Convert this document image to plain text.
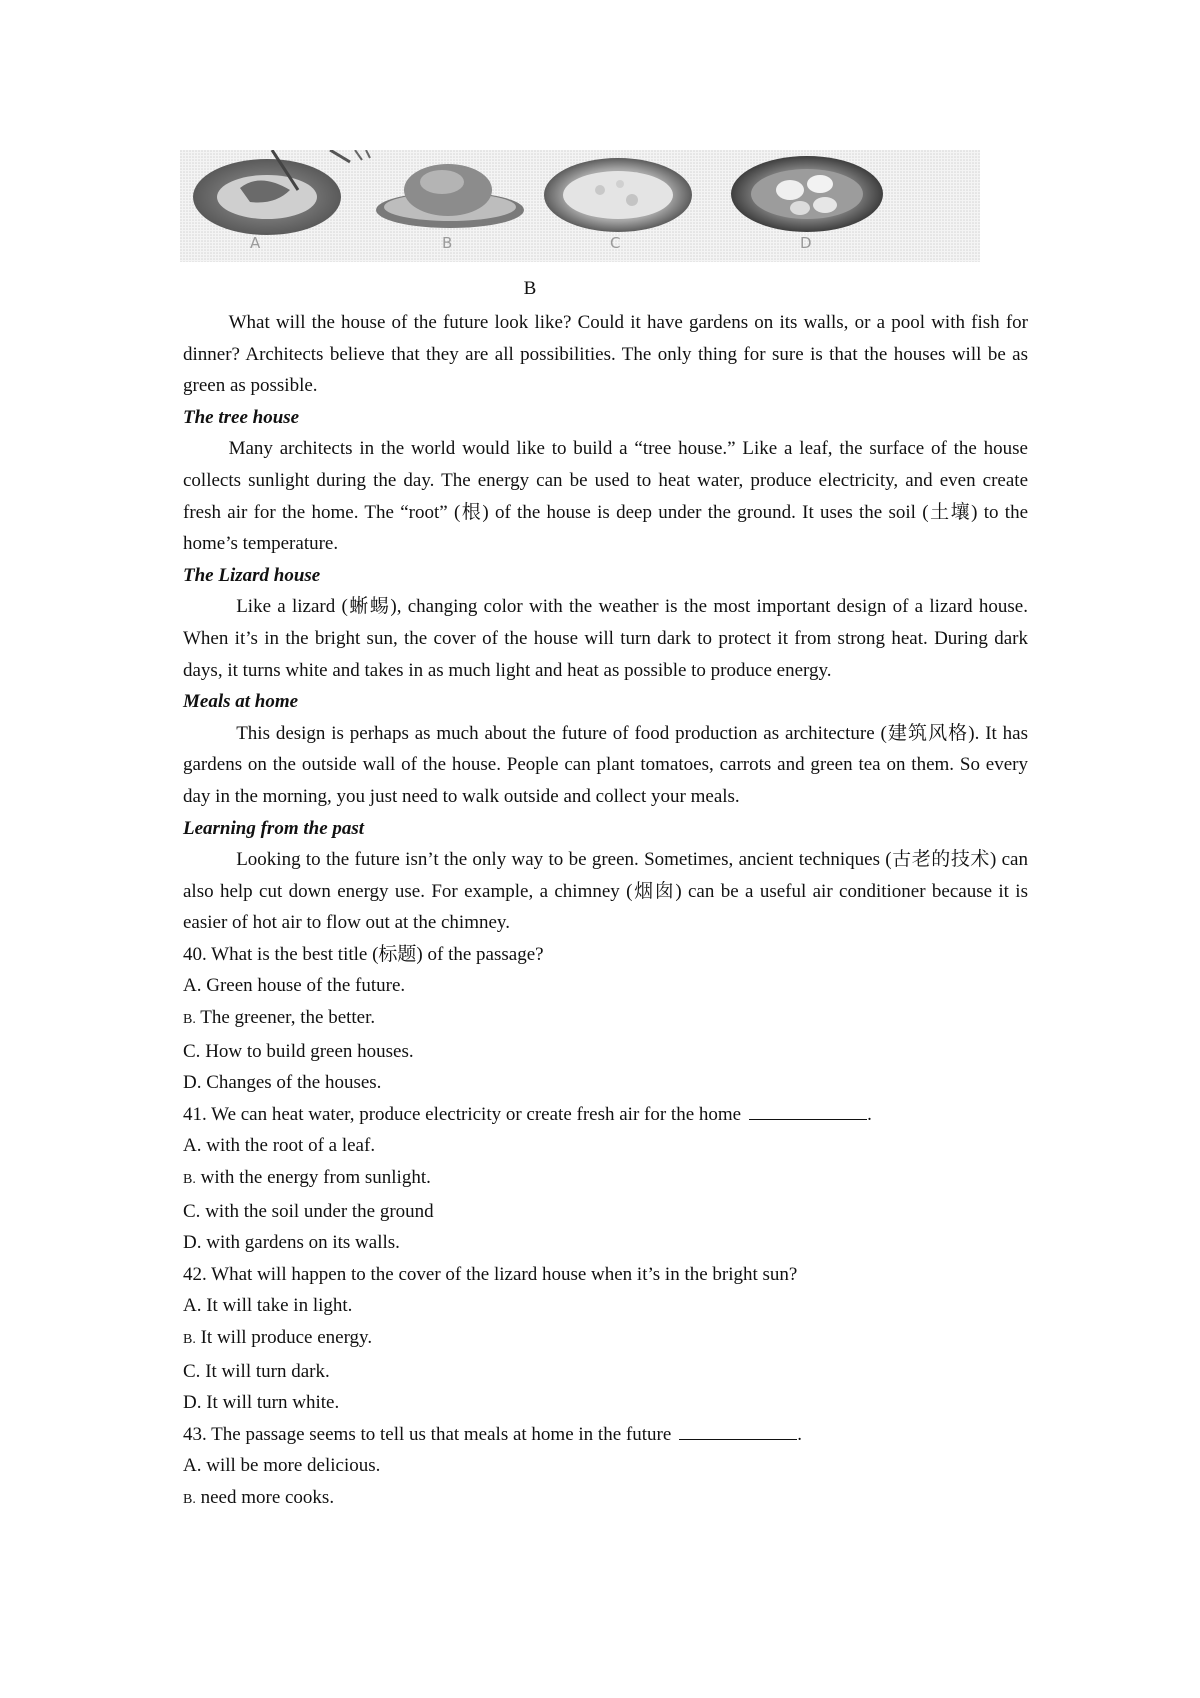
A	B	C	D
B

What will the house of the future look like? Could it have gardens on its walls, or a pool with fish for dinner? Architects believe that they are all possibilities. The only thing for sure is that the houses will be as green as possible.

The tree house

Many architects in the world would like to build a “tree house.” Like a leaf, the surface of the house collects sunlight during the day. The energy can be used to heat water, produce electricity, and even create fresh air for the home. The “root” (根) of the house is deep under the ground. It uses the soil (土壤) to the home’s temperature.

The Lizard house

Like a lizard (蜥蜴), changing color with the weather is the most important design of a lizard house. When it’s in the bright sun, the cover of the house will turn dark to protect it from strong heat. During dark days, it turns white and takes in as much light and heat as possible to produce energy.

Meals at home

This design is perhaps as much about the future of food production as architecture (建筑风格). It has gardens on the outside wall of the house. People can plant tomatoes, carrots and green tea on them. So every day in the morning, you just need to walk outside and collect your meals.

Learning from the past

Looking to the future isn’t the only way to be green. Sometimes, ancient techniques (古老的技术) can also help cut down energy use. For example, a chimney (烟囱) can be a useful air conditioner because it is easier of hot air to flow out at the chimney.

40. What is the best title (标题) of the passage?

A. Green house of the future.

B. The greener, the better.

C. How to build green houses.

D. Changes of the houses.

41. We can heat water, produce electricity or create fresh air for the home	.

A. with the root of a leaf.

B. with the energy from sunlight.

C. with the soil under the ground

D. with gardens on its walls.

42. What will happen to the cover of the lizard house when it’s in the bright sun?

A. It will take in light.

B. It will produce energy.

C. It will turn dark.

D. It will turn white.

43. The passage seems to tell us that meals at home in the future	.

A. will be more delicious.

B. need more cooks.
